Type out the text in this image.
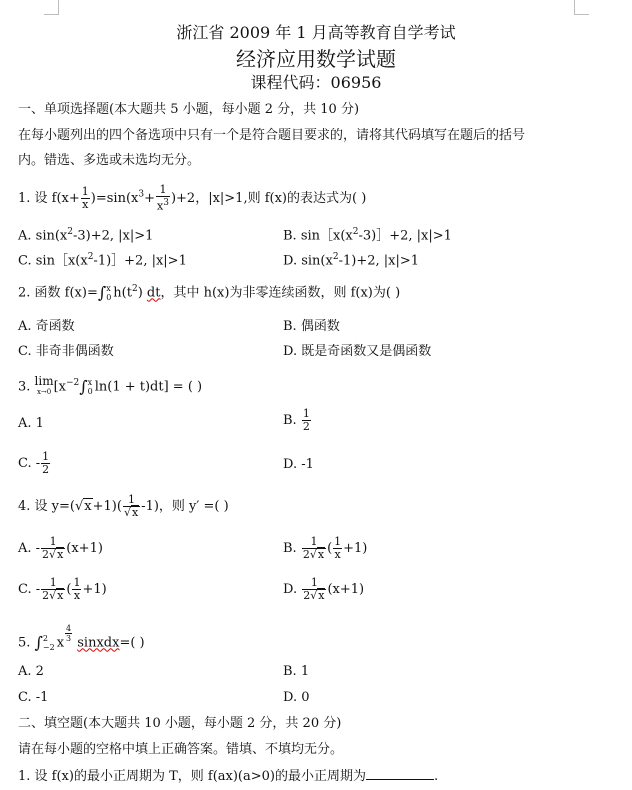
浙江省 2009 年 1 月高等教育自学考试
经济应用数学试题
课程代码：06956
一、单项选择题(本大题共 5 小题，每小题 2 分，共 10 分)
在每小题列出的四个备选项中只有一个是符合题目要求的，请将其代码填写在题后的括号
内。错选、多选或未选均无分。
1. 设 $f(x+ \frac{1}{x} )=\sin(x^3+ \frac{1}{x^3} )+2$，|x|>1,则 f(x)的表达式为( )
A. $\sin(x^2-3)+2$, |x|>1	B. $\sin[x(x^2-3)]+2$, |x|>1
C. $\sin[x(x^2-1)]+2$, |x|>1	D. $\sin(x^2-1)+2$, |x|>1
2. 函数 f(x)=∫ x
0 $h(t^2)$ dt，其中 h(x)为非零连续函数，则 f(x)为( )
A. 奇函数	B. 偶函数
C. 非奇非偶函数	D. 既是奇函数又是偶函数
3. lim
x→0 [$x^{-2}\int$ x
0 ln(1 + t)dt] = ( )
A. 1	B. $\frac{1}{2}$
C. - $\frac{1}{2}$	D. -1
4. 设 $y=(√x+1)( \frac{1}{√x} -1)$，则 y′ =( )
A. - $\frac{1}{2√x} (x+1)$	B. $\frac{1}{2√x}$ ( $\frac{1}{x} +1$)
C. - $\frac{1}{2√x}$ ( $\frac{1}{x} +1$)	D. $\frac{1}{2√x} (x+1)$
5. ∫ 2
−2 x $\frac{4}{3}$ sinxdx=( )
A. 2	B. 1
C. -1	D. 0
二、填空题(本大题共 10 小题，每小题 2 分，共 20 分)
请在每小题的空格中填上正确答案。错填、不填均无分。
1. 设 f(x)的最小正周期为 T，则 f(ax)(a>0)的最小正周期为	.
